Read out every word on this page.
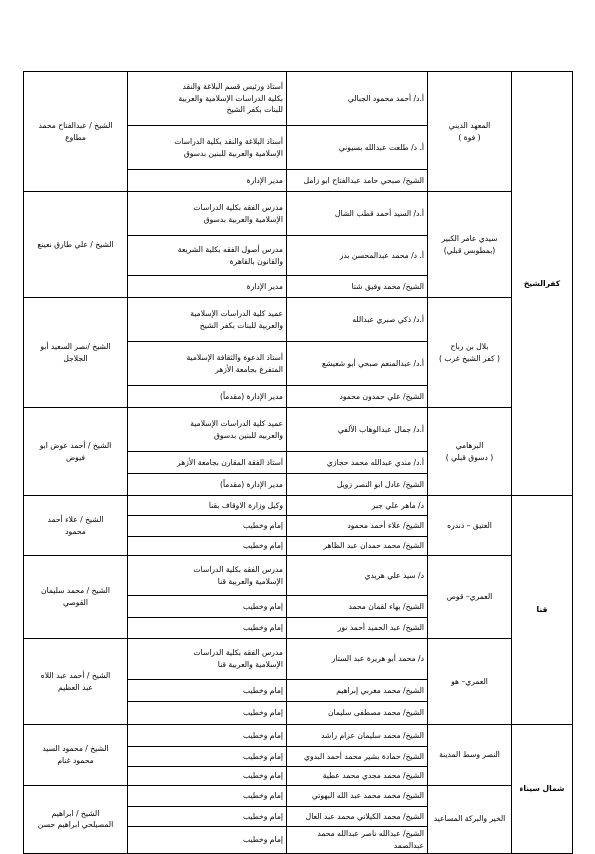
كفرالشيخ	المعهد الديني
( فوة )	أ.د/ أحمد محمود الجبالي	أستاذ ورئيس قسم البلاغة والنقد
بكلية الدراسات الإسلامية والعربية
للبنات بكفر الشيخ	الشيخ / عبدالفتاح محمد
مطاوع

		أ. د/ طلعت عبدالله بسيوني	أستاذ البلاغة والنقد بكلية الدراسات
الإسلامية والعربية للبنين بدسوق	

		الشيخ/ صبحي حامد عبدالفتاح ابو زامل	مدير الإدارة	

	سيدي عامر الكبير
(بمطوبس قبلي)	أ.د/ السيد أحمد قطب الشال	مدرس الفقه بكلية الدراسات
الإسلامية والعربية بدسوق	الشيخ / علي طارق نعينع

		أ. د/ محمد عبدالمحسن بدر	مدرس أصول الفقه بكلية الشريعة
والقانون بالقاهرة	

		الشيخ/ محمد وفيق شتا	مدير الإدارة	

	بلال بن رباح
( كفر الشيخ غرب )	أ.د/ ذكي صبري عبدالله	عميد كلية الدراسات الإسلامية
والعربية للبنات بكفر الشيخ	الشيخ /نصر السعيد أبو
الجلاجل

		أ.د/ عبدالمنعم صبحي أبو شعيشع	أستاذ الدعوة والثقافة الإسلامية
المتفرغ بجامعة الأزهر	

		الشيخ/ علي حمدون محمود	مدير الإدارة (مقدماً)	

	البرهامي
( دسوق قبلي )	أ.د/ جمال عبدالوهاب الألفي	عميد كلية الدراسات الإسلامية
والعربيه للبنين بدسوق	الشيخ / أحمد عوض ابو
فيوض

		أ.د/ مندي عبدالله محمد حجازي	أستاذ الفقة المقارن بجامعة الأزهر	

		الشيخ/ عادل ابو النصر زويل	مدير الإدارة (مقدماً)	

قنا	العتيق – دندره	د/ ماهر علي جبر	وكيل وزارة الاوقاف بقنا	الشيخ / علاء أحمد
محمود

		الشيخ/ علاء أحمد محمود	إمام وخطيب	

		الشيخ/ محمد حمدان عبد الظاهر	إمام وخطيب	

	العمري– قوص	د/ سيد علي هريدي	مدرس الفقه بكلية الدراسات
الإسلامية والعربية قنا	الشيخ / محمد سليمان
القوصي

		الشيخ/ بهاء لقمان محمد	إمام وخطيب	

		الشيخ/ عبد الحميد أحمد نور	إمام وخطيب	

	العمري– هو	د/ محمد أبو هريرة عبد الستار	مدرس الفقه بكلية الدراسات
الإسلامية والعربية قنا	الشيخ / أحمد عبد اللاه
عبد العظيم

		الشيخ/ محمد مغربي إبراهيم	إمام وخطيب	

		الشيخ/ محمد مصطفى سليمان	إمام وخطيب	

شمال سيناء	النصر وسط المدينة	الشيخ/ محمد سليمان عزام راشد	إمام وخطيب	الشيخ / محمود السيد
محمود غنام

		الشيخ/ حمادة بشير محمد أحمد البدوي	إمام وخطيب	

		الشيخ/ محمد مجدي محمد عطية	إمام وخطيب	

	الخير والبركة المساعيد	الشيخ/ محمد محمد عبد الله البهوتي	إمام وخطيب	الشيخ / ابراهيم
المصيلحي ابراهيم حسن

		الشيخ/ محمد الكيلاني محمد عبد العال	إمام وخطيب	

		الشيخ/ عبدالله ناصر عبدالله محمد عبدالصمد	إمام وخطيب	
